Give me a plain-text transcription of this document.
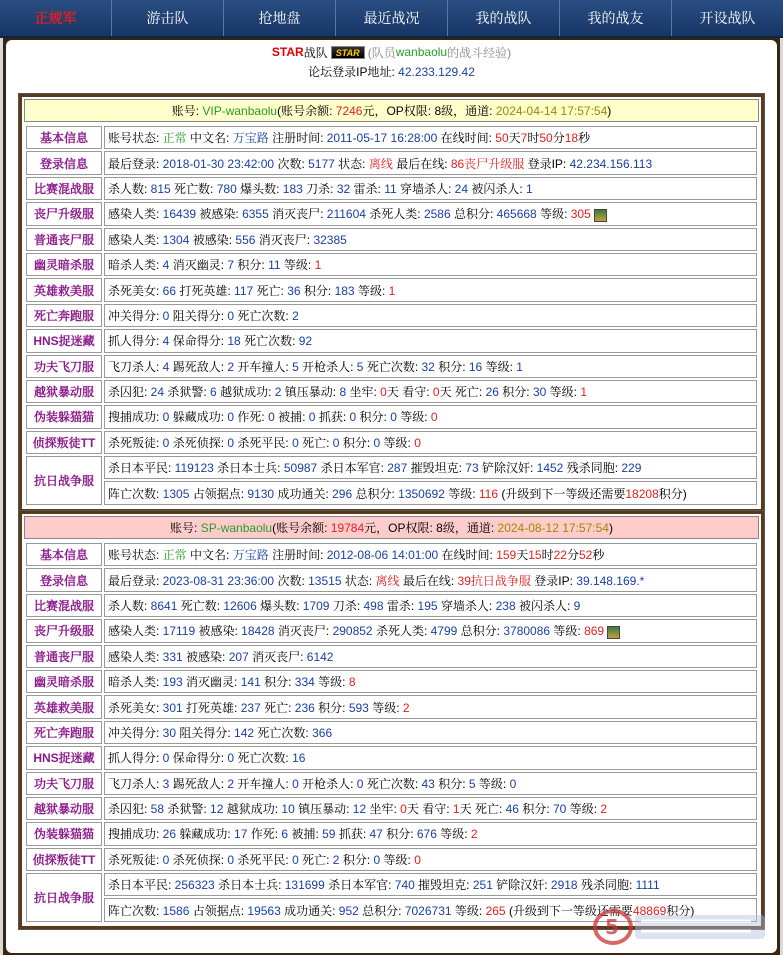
正规军	游击队	抢地盘	最近战况	我的战队	我的战友	开设战队
STAR 战队 STAR (队员 wanbaolu 的战斗经验)
论坛登录IP地址: 42.233.129.42
账号: VIP-wanbaolu(账号余额: 7246元，OP权限: 8级，通道: 2024-04-14 17:57:54)
基本信息	账号状态: 正常 中文名: 万宝路 注册时间: 2011-05-17 16:28:00 在线时间: 50天7时50分18秒
登录信息	最后登录: 2018-01-30 23:42:00 次数: 5177 状态: 离线 最后在线: 86丧尸升级服 登录IP: 42.234.156.113
比赛混战服	杀人数: 815 死亡数: 780 爆头数: 183 刀杀: 32 雷杀: 11 穿墙杀人: 24 被闪杀人: 1
丧尸升级服	感染人类: 16439 被感染: 6355 消灭丧尸: 211604 杀死人类: 2586 总积分: 465668 等级: 305
普通丧尸服	感染人类: 1304 被感染: 556 消灭丧尸: 32385
幽灵暗杀服	暗杀人类: 4 消灭幽灵: 7 积分: 11 等级: 1
英雄救美服	杀死美女: 66 打死英雄: 117 死亡: 36 积分: 183 等级: 1
死亡奔跑服	冲关得分: 0 阻关得分: 0 死亡次数: 2
HNS捉迷藏	抓人得分: 4 保命得分: 18 死亡次数: 92
功夫飞刀服	飞刀杀人: 4 踢死敌人: 2 开车撞人: 5 开枪杀人: 5 死亡次数: 32 积分: 16 等级: 1
越狱暴动服	杀囚犯: 24 杀狱警: 6 越狱成功: 2 镇压暴动: 8 坐牢: 0天 看守: 0天 死亡: 26 积分: 30 等级: 1
伪装躲猫猫	搜捕成功: 0 躲藏成功: 0 作死: 0 被捕: 0 抓获: 0 积分: 0 等级: 0
侦探叛徒TT	杀死叛徒: 0 杀死侦探: 0 杀死平民: 0 死亡: 0 积分: 0 等级: 0
抗日战争服	杀日本平民: 119123 杀日本士兵: 50987 杀日本军官: 287 摧毁坦克: 73 铲除汉奸: 1452 残杀同胞: 229
	阵亡次数: 1305 占领据点: 9130 成功通关: 296 总积分: 1350692 等级: 116 (升级到下一等级还需要18208积分)
账号: SP-wanbaolu(账号余额: 19784元，OP权限: 8级，通道: 2024-08-12 17:57:54)
基本信息	账号状态: 正常 中文名: 万宝路 注册时间: 2012-08-06 14:01:00 在线时间: 159天15时22分52秒
登录信息	最后登录: 2023-08-31 23:36:00 次数: 13515 状态: 离线 最后在线: 39抗日战争服 登录IP: 39.148.169.*
比赛混战服	杀人数: 8641 死亡数: 12606 爆头数: 1709 刀杀: 498 雷杀: 195 穿墙杀人: 238 被闪杀人: 9
丧尸升级服	感染人类: 17119 被感染: 18428 消灭丧尸: 290852 杀死人类: 4799 总积分: 3780086 等级: 869
普通丧尸服	感染人类: 331 被感染: 207 消灭丧尸: 6142
幽灵暗杀服	暗杀人类: 193 消灭幽灵: 141 积分: 334 等级: 8
英雄救美服	杀死美女: 301 打死英雄: 237 死亡: 236 积分: 593 等级: 2
死亡奔跑服	冲关得分: 30 阻关得分: 142 死亡次数: 366
HNS捉迷藏	抓人得分: 0 保命得分: 0 死亡次数: 16
功夫飞刀服	飞刀杀人: 3 踢死敌人: 2 开车撞人: 0 开枪杀人: 0 死亡次数: 43 积分: 5 等级: 0
越狱暴动服	杀囚犯: 58 杀狱警: 12 越狱成功: 10 镇压暴动: 12 坐牢: 0天 看守: 1天 死亡: 46 积分: 70 等级: 2
伪装躲猫猫	搜捕成功: 26 躲藏成功: 17 作死: 6 被捕: 59 抓获: 47 积分: 676 等级: 2
侦探叛徒TT	杀死叛徒: 0 杀死侦探: 0 杀死平民: 0 死亡: 2 积分: 0 等级: 0
抗日战争服	杀日本平民: 256323 杀日本士兵: 131699 杀日本军官: 740 摧毁坦克: 251 铲除汉奸: 2918 残杀同胞: 1111
	阵亡次数: 1586 占领据点: 19563 成功通关: 952 总积分: 7026731 等级: 265 (升级到下一等级还需要48869积分)
5
